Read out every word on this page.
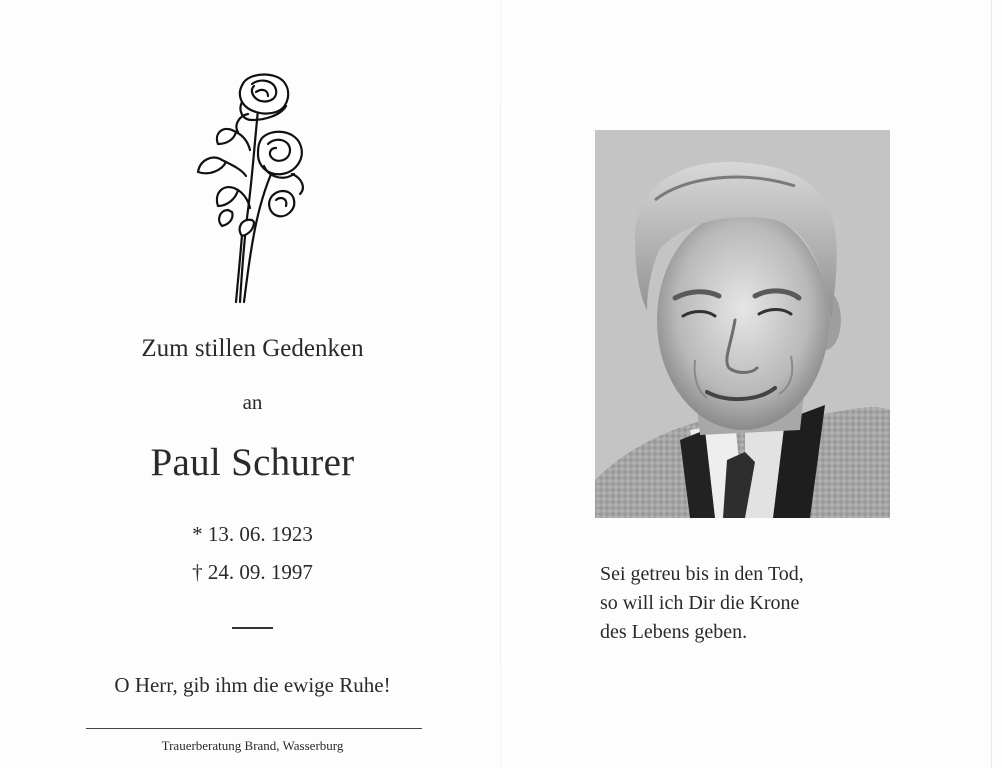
Zum stillen Gedenken

an

Paul Schurer

* 13. 06. 1923

† 24. 09. 1997

O Herr, gib ihm die ewige Ruhe!

Trauerberatung Brand, Wasserburg

Sei getreu bis in den Tod,
so will ich Dir die Krone
des Lebens geben.
